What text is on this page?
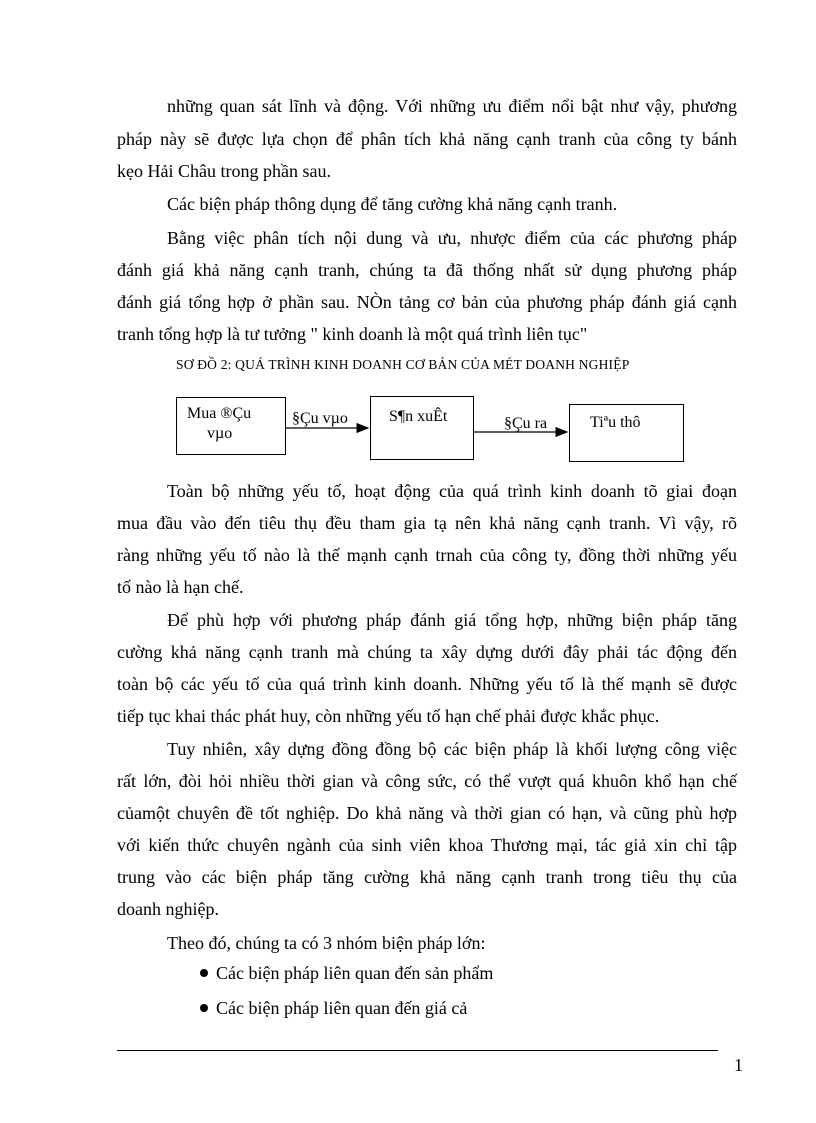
những quan sát lĩnh và động. Với những ưu điểm nổi bật như vậy, phương
pháp này sẽ được lựa chọn để phân tích khả năng cạnh tranh của công ty bánh
kẹo Hải Châu trong phần sau.
Các biện pháp thông dụng để tăng cường khả năng cạnh tranh.
Bằng việc phân tích nội dung và ưu, nhược điểm của các phương pháp
đánh giá khả năng cạnh tranh, chúng ta đã thống nhất sử dụng phương pháp
đánh giá tổng hợp ở phần sau. NÒn tảng cơ bản của phương pháp đánh giá cạnh
tranh tổng hợp là tư tưởng " kinh doanh là một quá trình liên tục"
SƠ ĐỒ 2: QUÁ TRÌNH KINH DOANH CƠ BẢN CỦA MÉT DOANH NGHIỆP
Mua ®Çu
vµo
§Çu vµo	S¶n xuÊt	§Çu ra	Tiªu thô
Toàn bộ những yếu tố, hoạt động của quá trình kinh doanh tõ giai đoạn
mua đầu vào đến tiêu thụ đều tham gia tạ nên khả năng cạnh tranh. Vì vậy, rõ
ràng những yếu tố nào là thế mạnh cạnh trnah của công ty, đồng thời những yếu
tố nào là hạn chế.
Để phù hợp với phương pháp đánh giá tổng hợp, những biện pháp tăng
cường khả năng cạnh tranh mà chúng ta xây dựng dưới đây phải tác động đến
toàn bộ các yếu tố của quá trình kinh doanh. Những yếu tố là thế mạnh sẽ được
tiếp tục khai thác phát huy, còn những yếu tố hạn chế phải được khắc phục.
Tuy nhiên, xây dựng đồng đồng bộ các biện pháp là khối lượng công việc
rất lớn, đòi hỏi nhiều thời gian và công sức, có thể vượt quá khuôn khổ hạn chế
củamột chuyên đề tốt nghiệp. Do khả năng và thời gian có hạn, và cũng phù hợp
với kiến thức chuyên ngành của sinh viên khoa Thương mại, tác giả xin chỉ tập
trung vào các biện pháp tăng cường khả năng cạnh tranh trong tiêu thụ của
doanh nghiệp.
Theo đó, chúng ta có 3 nhóm biện pháp lớn:
Các biện pháp liên quan đến sản phẩm
Các biện pháp liên quan đến giá cả
1
